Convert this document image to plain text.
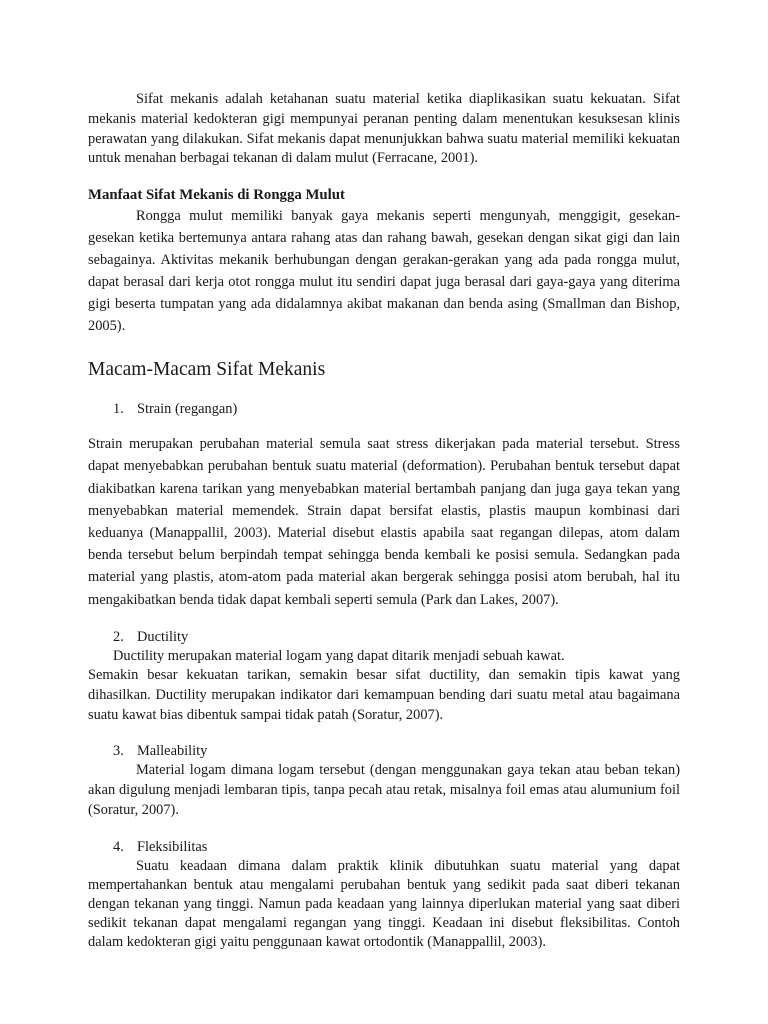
Sifat mekanis adalah ketahanan suatu material ketika diaplikasikan suatu kekuatan. Sifat mekanis material kedokteran gigi mempunyai peranan penting dalam menentukan kesuksesan klinis perawatan yang dilakukan. Sifat mekanis dapat menunjukkan bahwa suatu material memiliki kekuatan untuk menahan berbagai tekanan di dalam mulut (Ferracane, 2001).

Manfaat Sifat Mekanis di Rongga Mulut

Rongga mulut memiliki banyak gaya mekanis seperti mengunyah, menggigit, gesekan-gesekan ketika bertemunya antara rahang atas dan rahang bawah, gesekan dengan sikat gigi dan lain sebagainya. Aktivitas mekanik berhubungan dengan gerakan-gerakan yang ada pada rongga mulut, dapat berasal dari kerja otot rongga mulut itu sendiri dapat juga berasal dari gaya-gaya yang diterima gigi beserta tumpatan yang ada didalamnya akibat makanan dan benda asing (Smallman dan Bishop, 2005).

Macam-Macam Sifat Mekanis
1. Strain (regangan)

Strain merupakan perubahan material semula saat stress dikerjakan pada material tersebut. Stress dapat menyebabkan perubahan bentuk suatu material (deformation). Perubahan bentuk tersebut dapat diakibatkan karena tarikan yang menyebabkan material bertambah panjang dan juga gaya tekan yang menyebabkan material memendek. Strain dapat bersifat elastis, plastis maupun kombinasi dari keduanya (Manappallil, 2003). Material disebut elastis apabila saat regangan dilepas, atom dalam benda tersebut belum berpindah tempat sehingga benda kembali ke posisi semula. Sedangkan pada material yang plastis, atom-atom pada material akan bergerak sehingga posisi atom berubah, hal itu mengakibatkan benda tidak dapat kembali seperti semula (Park dan Lakes, 2007).

2. Ductility

Ductility merupakan material logam yang dapat ditarik menjadi sebuah kawat.
Semakin besar kekuatan tarikan, semakin besar sifat ductility, dan semakin tipis kawat yang dihasilkan. Ductility merupakan indikator dari kemampuan bending dari suatu metal atau bagaimana suatu kawat bias dibentuk sampai tidak patah (Soratur, 2007).

3. Malleability

Material logam dimana logam tersebut (dengan menggunakan gaya tekan atau beban tekan) akan digulung menjadi lembaran tipis, tanpa pecah atau retak, misalnya foil emas atau alumunium foil (Soratur, 2007).

4. Fleksibilitas

Suatu keadaan dimana dalam praktik klinik dibutuhkan suatu material yang dapat mempertahankan bentuk atau mengalami perubahan bentuk yang sedikit pada saat diberi tekanan dengan tekanan yang tinggi. Namun pada keadaan yang lainnya diperlukan material yang saat diberi sedikit tekanan dapat mengalami regangan yang tinggi. Keadaan ini disebut fleksibilitas. Contoh dalam kedokteran gigi yaitu penggunaan kawat ortodontik (Manappallil, 2003).
